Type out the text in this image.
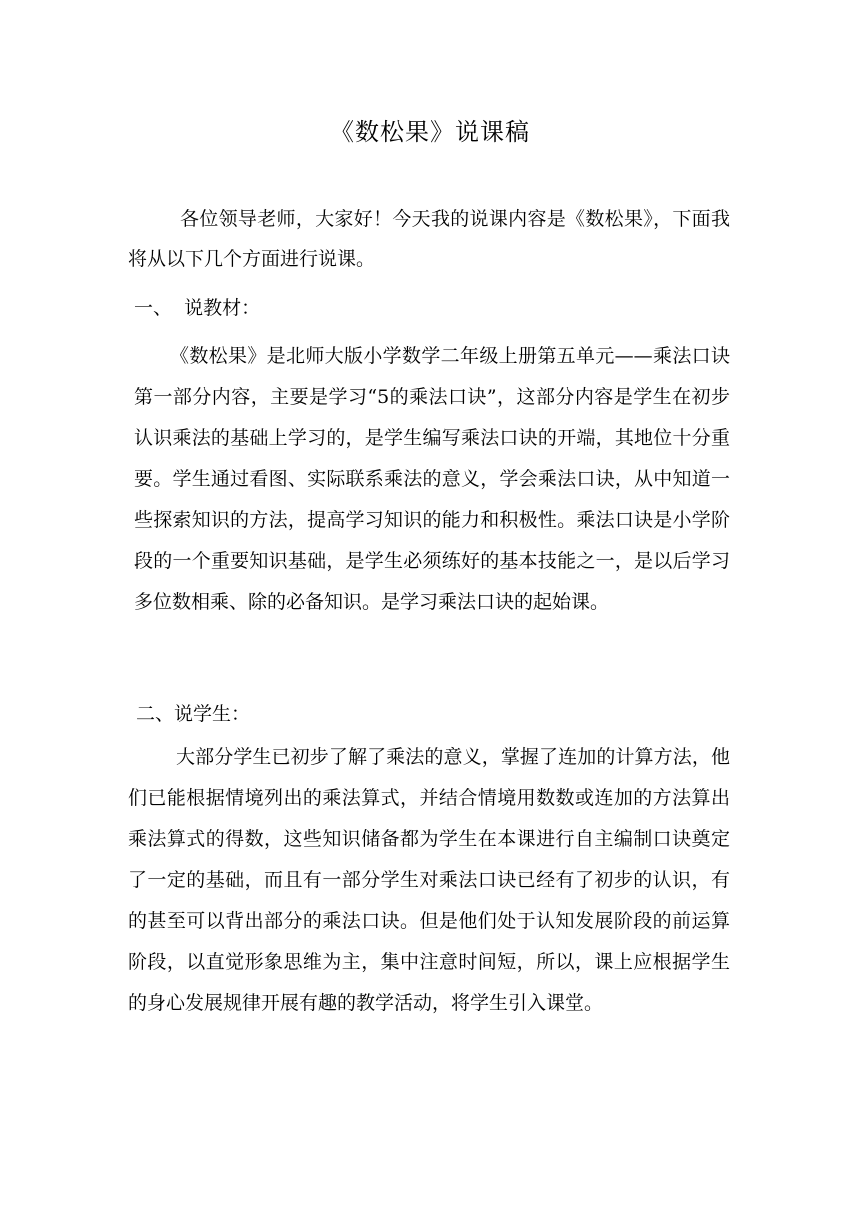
《数松果》说课稿

各位领导老师，大家好！今天我的说课内容是《数松果》，下面我将从以下几个方面进行说课。

一、  说教材：

《数松果》是北师大版小学数学二年级上册第五单元——乘法口诀第一部分内容，主要是学习“5的乘法口诀”，这部分内容是学生在初步认识乘法的基础上学习的，是学生编写乘法口诀的开端，其地位十分重要。学生通过看图、实际联系乘法的意义，学会乘法口诀，从中知道一些探索知识的方法，提高学习知识的能力和积极性。乘法口诀是小学阶段的一个重要知识基础，是学生必须练好的基本技能之一，是以后学习多位数相乘、除的必备知识。是学习乘法口诀的起始课。

二、说学生：

大部分学生已初步了解了乘法的意义，掌握了连加的计算方法，他们已能根据情境列出的乘法算式，并结合情境用数数或连加的方法算出乘法算式的得数，这些知识储备都为学生在本课进行自主编制口诀奠定了一定的基础，而且有一部分学生对乘法口诀已经有了初步的认识，有的甚至可以背出部分的乘法口诀。但是他们处于认知发展阶段的前运算阶段，以直觉形象思维为主，集中注意时间短，所以，课上应根据学生的身心发展规律开展有趣的教学活动，将学生引入课堂。
